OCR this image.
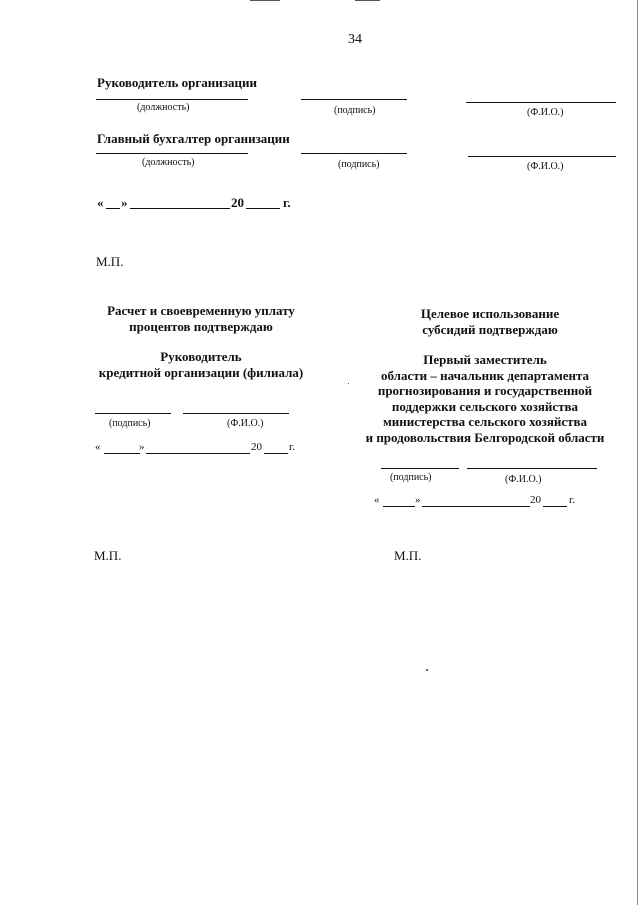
34
Руководитель организации
(должность)	(подпись)	(Ф.И.О.)
Главный бухгалтер организации
(должность)	(подпись)	(Ф.И.О.)
« »	20	г.
М.П.
Расчет и своевременную уплату
процентов подтверждаю
Руководитель
кредитной организации (филиала)
(подпись)	(Ф.И.О.)
«	»	20 г.
М.П.
Целевое использование
субсидий подтверждаю
Первый заместитель
области – начальник департамента
прогнозирования и государственной
поддержки сельского хозяйства
министерства сельского хозяйства
и продовольствия Белгородской области
(подпись)	(Ф.И.О.)
«	»	20	г.
М.П.
